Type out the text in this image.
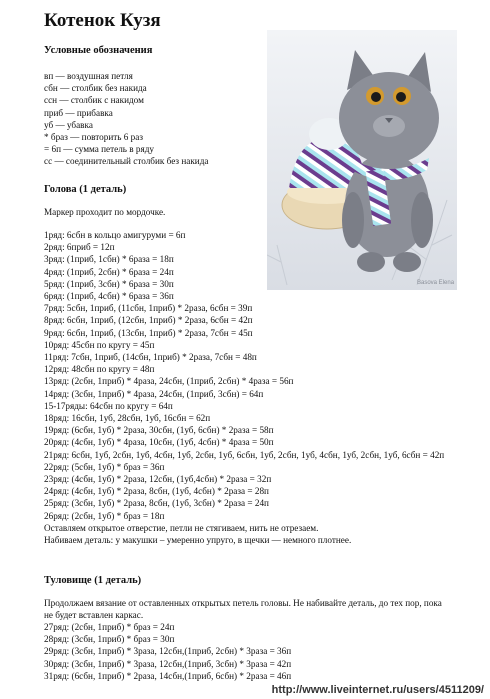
Котенок Кузя
Условные обозначения
вп — воздушная петля
сбн — столбик без накида
ссн — столбик с накидом
приб — прибавка
уб — убавка
* браз — повторить 6 раз
= 6п — сумма петель в ряду
сс — соединительный столбик без накида
Голова (1 деталь)
Маркер проходит по мордочке.
1ряд: 6сбн в кольцо амигуруми = 6п
2ряд: 6приб = 12п
3ряд: (1приб, 1сбн) * 6раза = 18п
4ряд: (1приб, 2сбн) * 6раза = 24п
5ряд: (1приб, 3сбн) * 6раза = 30п
6ряд: (1приб, 4сбн) * 6раза = 36п
7ряд: 5сбн, 1приб, (11сбн, 1приб) * 2раза, 6сбн = 39п
8ряд: 6сбн, 1приб, (12сбн, 1приб) * 2раза, 6сбн = 42п
9ряд: 6сбн, 1приб, (13сбн, 1приб) * 2раза, 7сбн = 45п
10ряд: 45сбн по кругу = 45п
11ряд: 7сбн, 1приб, (14сбн, 1приб) * 2раза, 7сбн = 48п
12ряд: 48сбн по кругу = 48п
13ряд: (2сбн, 1приб) * 4раза, 24сбн, (1приб, 2сбн) * 4раза = 56п
14ряд: (3сбн, 1приб) * 4раза, 24сбн, (1приб, 3сбн) = 64п
15-17ряды: 64сбн по кругу = 64п
18ряд: 16сбн, 1уб, 28сбн, 1уб, 16сбн = 62п
19ряд: (6сбн, 1уб) * 2раза, 30сбн, (1уб, 6сбн) * 2раза = 58п
20ряд: (4сбн, 1уб) * 4раза, 10сбн, (1уб, 4сбн) * 4раза = 50п
21ряд: 6сбн, 1уб, 2сбн, 1уб, 4сбн, 1уб, 2сбн, 1уб, 6сбн, 1уб, 2сбн, 1уб, 4сбн, 1уб, 2сбн, 1уб, 6сбн = 42п
22ряд: (5сбн, 1уб) * браз = 36п
23ряд: (4сбн, 1уб) * 2раза, 12сбн, (1уб,4сбн) * 2раза = 32п
24ряд: (4сбн, 1уб) * 2раза, 8сбн, (1уб, 4сбн) * 2раза = 28п
25ряд: (3сбн, 1уб) * 2раза, 8сбн, (1уб, 3сбн) * 2раза = 24п
26ряд: (2сбн, 1уб) * браз = 18п
Оставляем открытое отверстие, петли не стягиваем, нить не отрезаем.
Набиваем деталь: у макушки – умеренно упруго, в щечки — немного плотнее.
Туловище (1 деталь)
Продолжаем вязание от оставленных открытых петель головы. Не набивайте деталь, до тех пор, пока не будет вставлен каркас.
27ряд: (2сбн, 1приб) * браз = 24п
28ряд: (3сбн, 1приб) * браз = 30п
29ряд: (3сбн, 1приб) * 3раза, 12сбн,(1приб, 2сбн) * 3раза = 36п
30ряд: (3сбн, 1приб) * 3раза, 12сбн,(1приб, 3сбн) * 3раза = 42п
31ряд: (6сбн, 1приб) * 2раза, 14сбн,(1приб, 6сбн) * 2раза = 46п
Basova Elena
http://www.liveinternet.ru/users/4511209/
